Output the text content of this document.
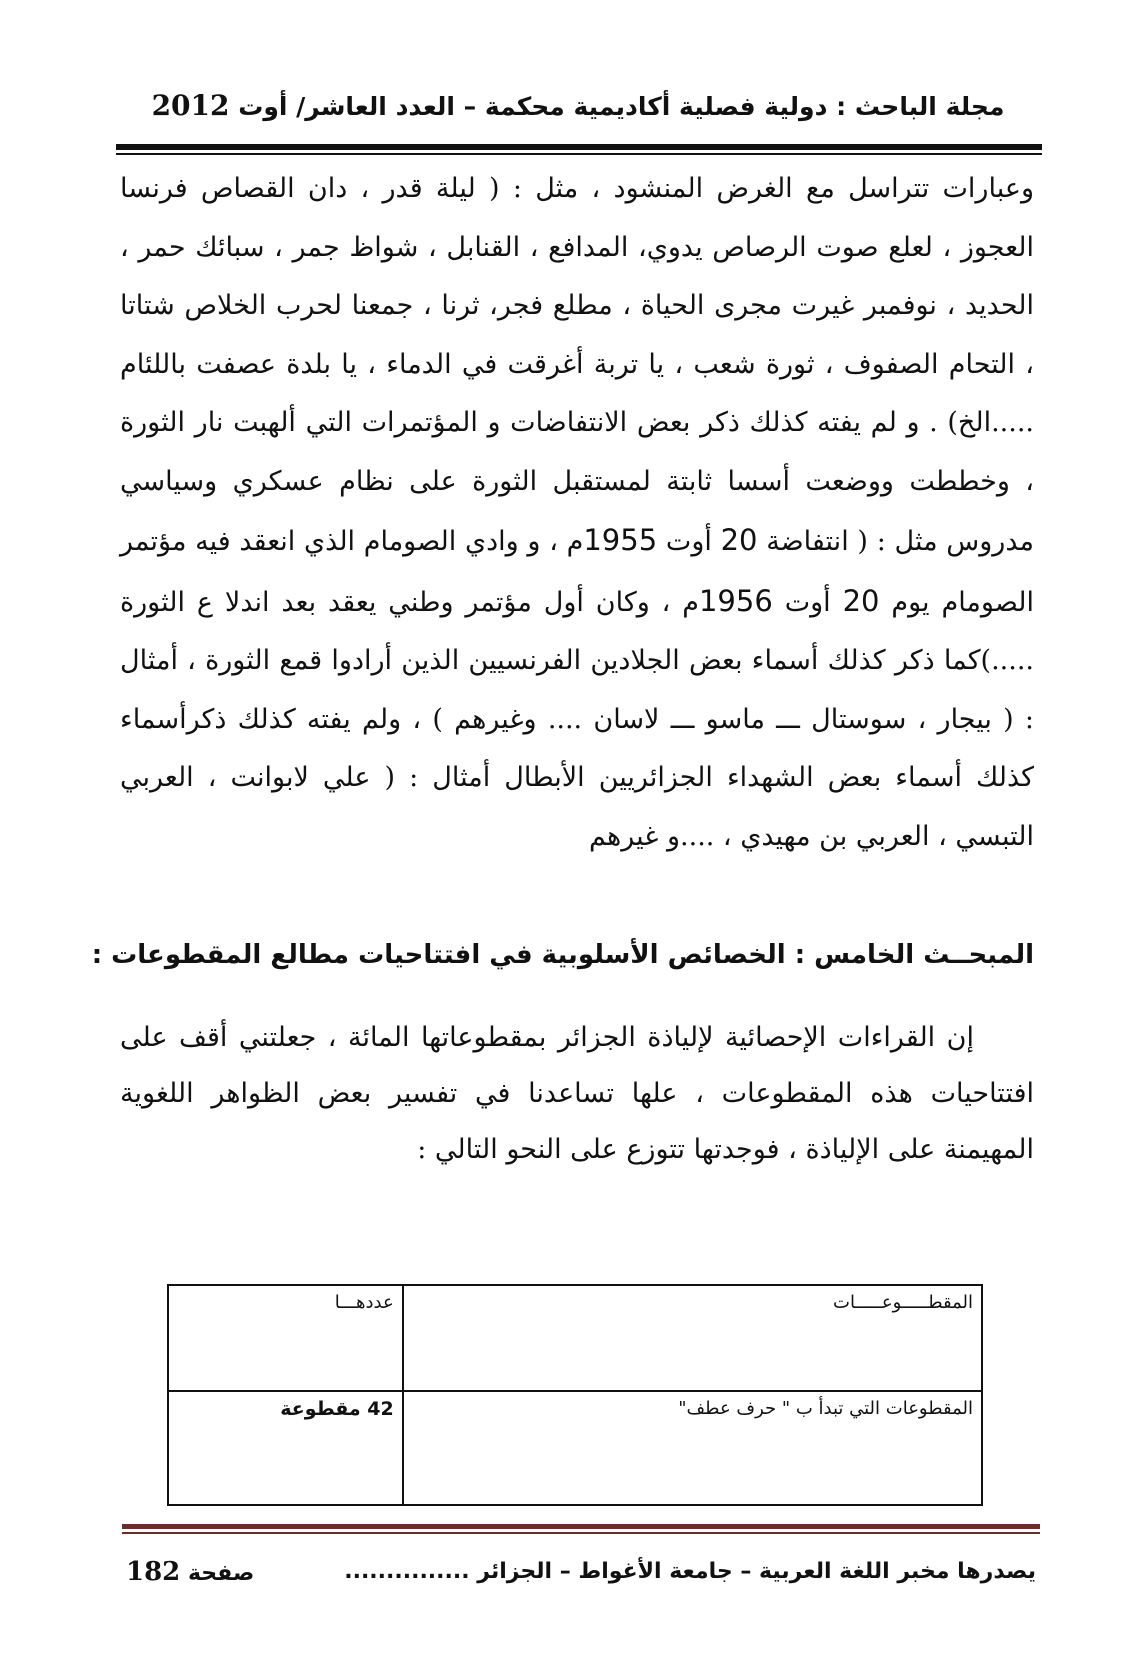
مجلة الباحث : دولية فصلية أكاديمية محكمة – العدد العاشر/ أوت 2012

وعبارات تتراسل مع الغرض المنشود ، مثل : ( ليلة قدر ، دان القصاص فرنسا العجوز ، لعلع صوت الرصاص يدوي، المدافع ، القنابل ، شواظ جمر ، سبائك حمر ، الحديد ، نوفمبر غيرت مجرى الحياة ، مطلع فجر، ثرنا ، جمعنا لحرب الخلاص شتاتا ، التحام الصفوف ، ثورة شعب ، يا تربة أغرقت في الدماء ، يا بلدة عصفت باللئام .....الخ) . و لم يفته كذلك ذكر بعض الانتفاضات و المؤتمرات التي ألهبت نار الثورة ، وخططت ووضعت أسسا ثابتة لمستقبل الثورة على نظام عسكري وسياسي مدروس مثل : ( انتفاضة 20 أوت 1955م ، و وادي الصومام الذي انعقد فيه مؤتمر الصومام يوم 20 أوت 1956م ، وكان أول مؤتمر وطني يعقد بعد اندلا ع الثورة .....)كما ذكر كذلك أسماء بعض الجلادين الفرنسيين الذين أرادوا قمع الثورة ، أمثال : ( بيجار ، سوستال ـــ ماسو ـــ لاسان .... وغيرهم ) ، ولم يفته كذلك ذكرأسماء كذلك أسماء بعض الشهداء الجزائريين الأبطال أمثال : ( علي لابوانت ، العربي التبسي ، العربي بن مهيدي ، ....و غيرهم

المبحــث الخامس : الخصائص الأسلوبية في افتتاحيات مطالع المقطوعات :

إن القراءات الإحصائية لإلياذة الجزائر بمقطوعاتها المائة ، جعلتني أقف على افتتاحيات هذه المقطوعات ، علها تساعدنا في تفسير بعض الظواهر اللغوية المهيمنة على الإلياذة ، فوجدتها تتوزع على النحو التالي :

المقطـــــوعـــــات	عددهـــا
المقطوعات التي تبدأ ب " حرف عطف"	42 مقطوعة
يصدرها مخبر اللغة العربية – جامعة الأغواط – الجزائر ...............
صفحة 182
